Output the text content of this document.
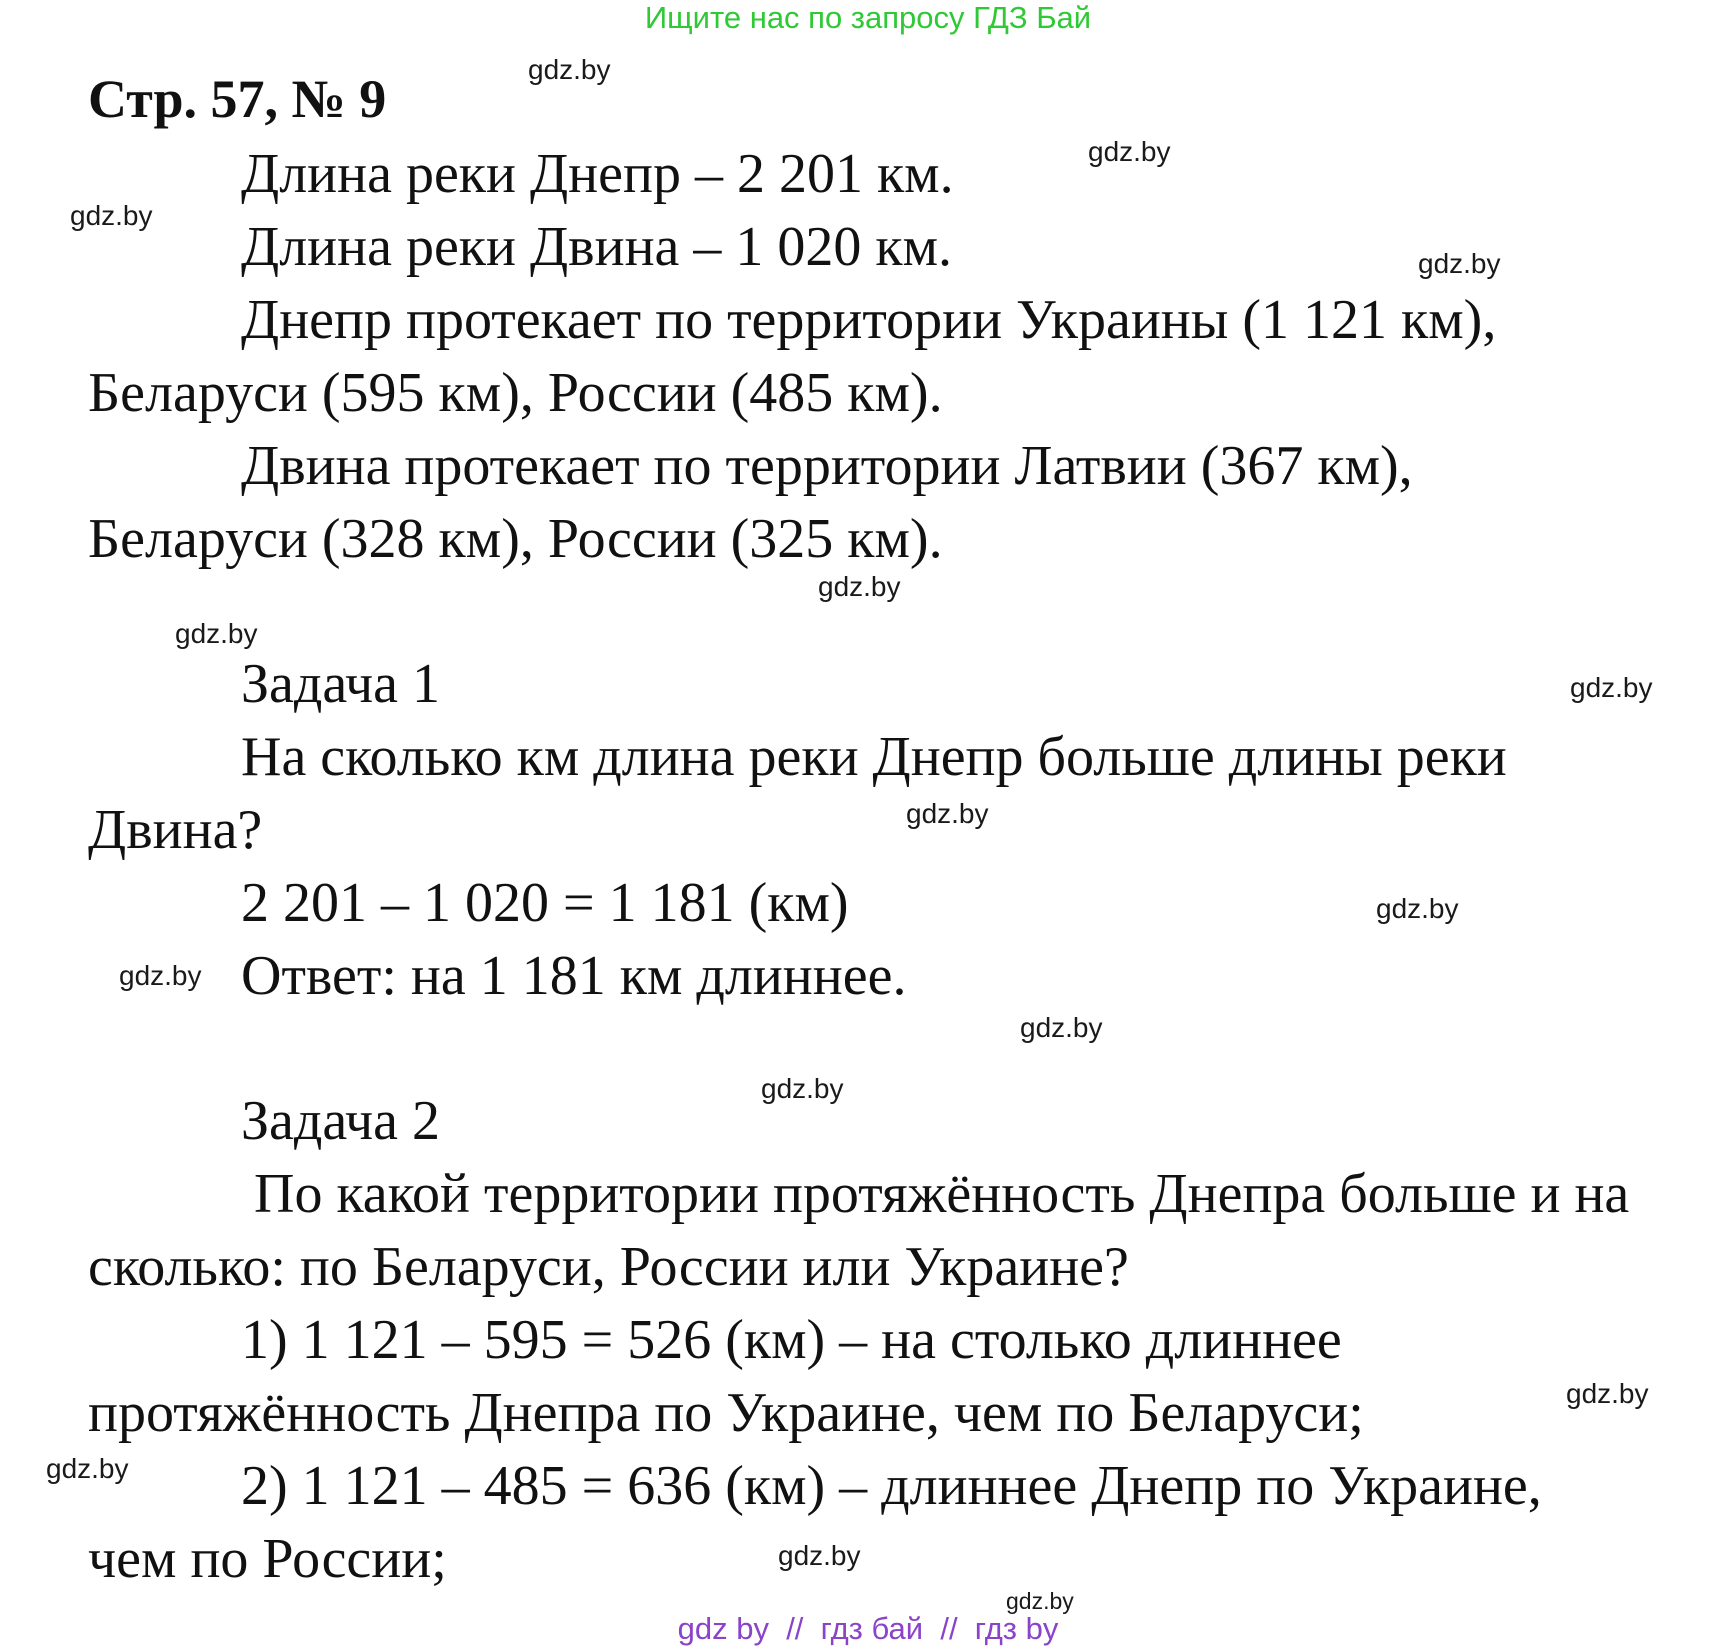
Ищите нас по запросу ГДЗ Бай
gdz.by
gdz.by
gdz.by
gdz.by
gdz.by
gdz.by
gdz.by
gdz.by
gdz.by
gdz.by
gdz.by
gdz.by
gdz.by
gdz.by
gdz.by
gdz.by
Стр. 57, № 9
Длина реки Днепр – 2 201 км.
Длина реки Двина – 1 020 км.
Днепр протекает по территории Украины (1 121 км),
Беларуси (595 км), России (485 км).
Двина протекает по территории Латвии (367 км),
Беларуси (328 км), России (325 км).
Задача 1
На сколько км длина реки Днепр больше длины реки
Двина?
2 201 – 1 020 = 1 181 (км)
Ответ: на 1 181 км длиннее.
Задача 2
По какой территории протяжённость Днепра больше и на
сколько: по Беларуси, России или Украине?
1) 1 121 – 595 = 526 (км) – на столько длиннее
протяжённость Днепра по Украине, чем по Беларуси;
2) 1 121 – 485 = 636 (км) – длиннее Днепр по Украине,
чем по России;
gdz by // гдз бай // гдз by
